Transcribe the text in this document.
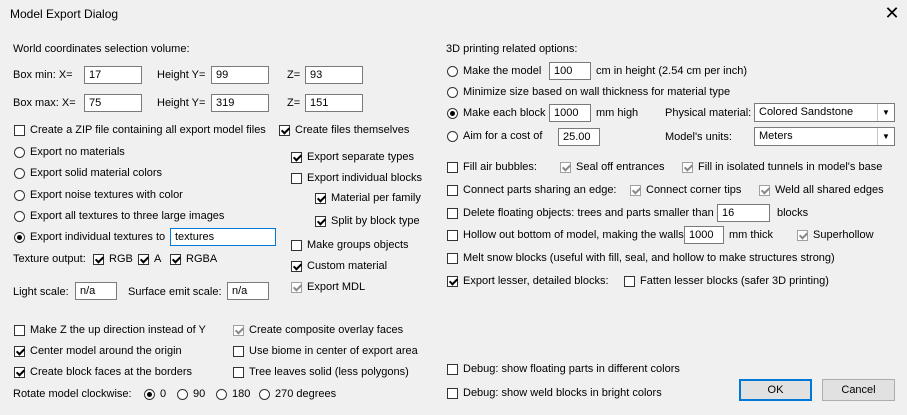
Model Export Dialog	✕
World coordinates selection volume:
Box min: X=	17	Height Y= 99	Z= 93
Box max: X=	75	Height Y= 319	Z= 151
Create a ZIP file containing all export model files	Create files themselves
Export no materials
Export solid material colors
Export noise textures with color
Export all textures to three large images
Export individual textures to textures
Texture output: RGB A RGBA
Light scale:	n/a	Surface emit scale: n/a
Export separate types
Export individual blocks
Material per family
Split by block type
Make groups objects
Custom material
Export MDL
Make Z the up direction instead of Y
Center model around the origin
Create block faces at the borders
Create composite overlay faces
Use biome in center of export area
Tree leaves solid (less polygons)
Rotate model clockwise:	0 90 180 270 degrees
3D printing related options:
Make the model	100	cm in height (2.54 cm per inch)
Minimize size based on wall thickness for material type
Make each block 1000	mm high
Aim for a cost of	25.00
Physical material: Colored Sandstone	▼
Model's units: Meters	▼
Fill air bubbles:	Seal off entrances	Fill in isolated tunnels in model's base
Connect parts sharing an edge:	Connect corner tips	Weld all shared edges
Delete floating objects: trees and parts smaller than 16	blocks
Hollow out bottom of model, making the walls 1000	mm thick	Superhollow
Melt snow blocks (useful with fill, seal, and hollow to make structures strong)
Export lesser, detailed blocks:	Fatten lesser blocks (safer 3D printing)
Debug: show floating parts in different colors
Debug: show weld blocks in bright colors	OK	Cancel
